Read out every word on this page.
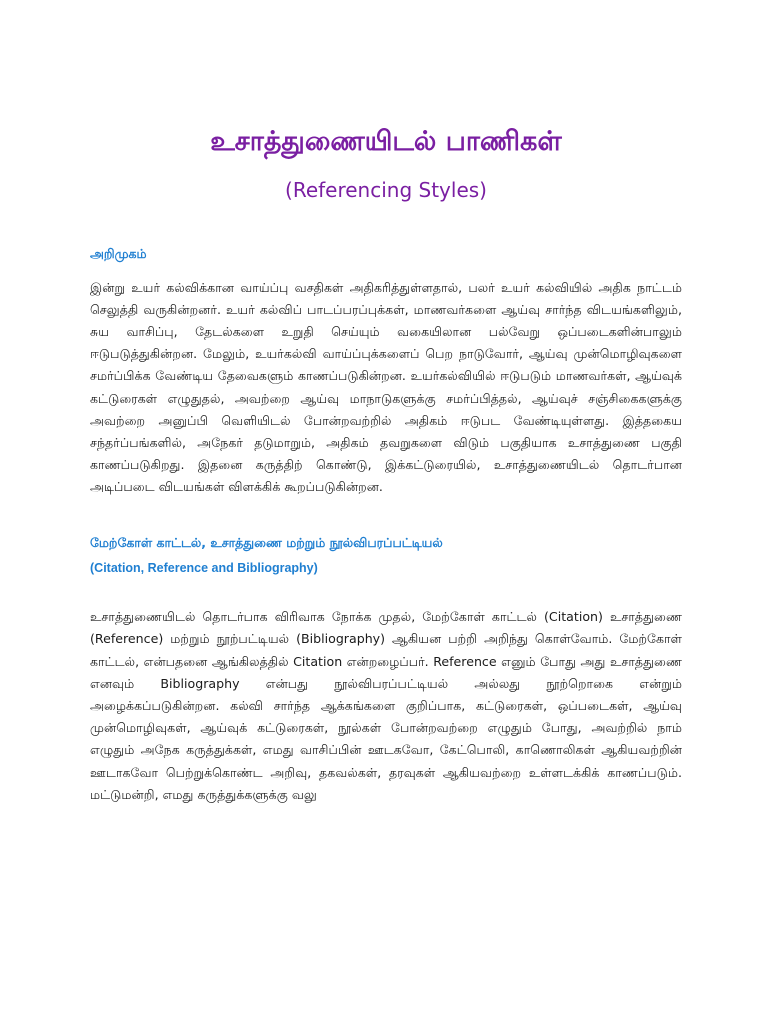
உசாத்துணையிடல் பாணிகள்
(Referencing Styles)
அறிமுகம்

இன்று உயர் கல்விக்கான வாய்ப்பு வசதிகள் அதிகரித்துள்ளதால், பலர் உயர் கல்வியில் அதிக நாட்டம் செலுத்தி வருகின்றனர். உயர் கல்விப் பாடப்பரப்புக்கள், மாணவர்களை ஆய்வு சார்ந்த விடயங்களிலும், சுய வாசிப்பு, தேடல்களை உறுதி செய்யும் வகையிலான பல்வேறு ஒப்படைகளின்பாலும் ஈடுபடுத்துகின்றன. மேலும், உயர்கல்வி வாய்ப்புக்களைப் பெற நாடுவோர், ஆய்வு முன்மொழிவுகளை சமர்ப்பிக்க வேண்டிய தேவைகளும் காணப்படுகின்றன. உயர்கல்வியில் ஈடுபடும் மாணவர்கள், ஆய்வுக் கட்டுரைகள் எழுதுதல், அவற்றை ஆய்வு மாநாடுகளுக்கு சமர்ப்பித்தல், ஆய்வுச் சஞ்சிகைகளுக்கு அவற்றை அனுப்பி வெளியிடல் போன்றவற்றில் அதிகம் ஈடுபட வேண்டியுள்ளது. இத்தகைய சந்தர்ப்பங்களில், அநேகர் தடுமாறும், அதிகம் தவறுகளை விடும் பகுதியாக உசாத்துணை பகுதி காணப்படுகிறது. இதனை கருத்திற் கொண்டு, இக்கட்டுரையில், உசாத்துணையிடல் தொடர்பான அடிப்படை விடயங்கள் விளக்கிக் கூறப்படுகின்றன.

மேற்கோள் காட்டல், உசாத்துணை மற்றும் நூல்விபரப்பட்டியல்
(Citation, Reference and Bibliography)

உசாத்துணையிடல் தொடர்பாக விரிவாக நோக்க முதல், மேற்கோள் காட்டல் (Citation) உசாத்துணை (Reference) மற்றும் நூற்பட்டியல் (Bibliography) ஆகியன பற்றி அறிந்து கொள்வோம். மேற்கோள் காட்டல், என்பதனை ஆங்கிலத்தில் Citation என்றழைப்பர். Reference எனும் போது அது உசாத்துணை எனவும் Bibliography என்பது நூல்விபரப்பட்டியல் அல்லது நூற்றொகை என்றும் அழைக்கப்படுகின்றன. கல்வி சார்ந்த ஆக்கங்களை குறிப்பாக, கட்டுரைகள், ஒப்படைகள், ஆய்வு முன்மொழிவுகள், ஆய்வுக் கட்டுரைகள், நூல்கள் போன்றவற்றை எழுதும் போது, அவற்றில் நாம் எழுதும் அநேக கருத்துக்கள், எமது வாசிப்பின் ஊடகவோ, கேட்பொலி, காணொலிகள் ஆகியவற்றின் ஊடாகவோ பெற்றுக்கொண்ட அறிவு, தகவல்கள், தரவுகள் ஆகியவற்றை உள்ளடக்கிக் காணப்படும். மட்டுமன்றி, எமது கருத்துக்களுக்கு வலு
